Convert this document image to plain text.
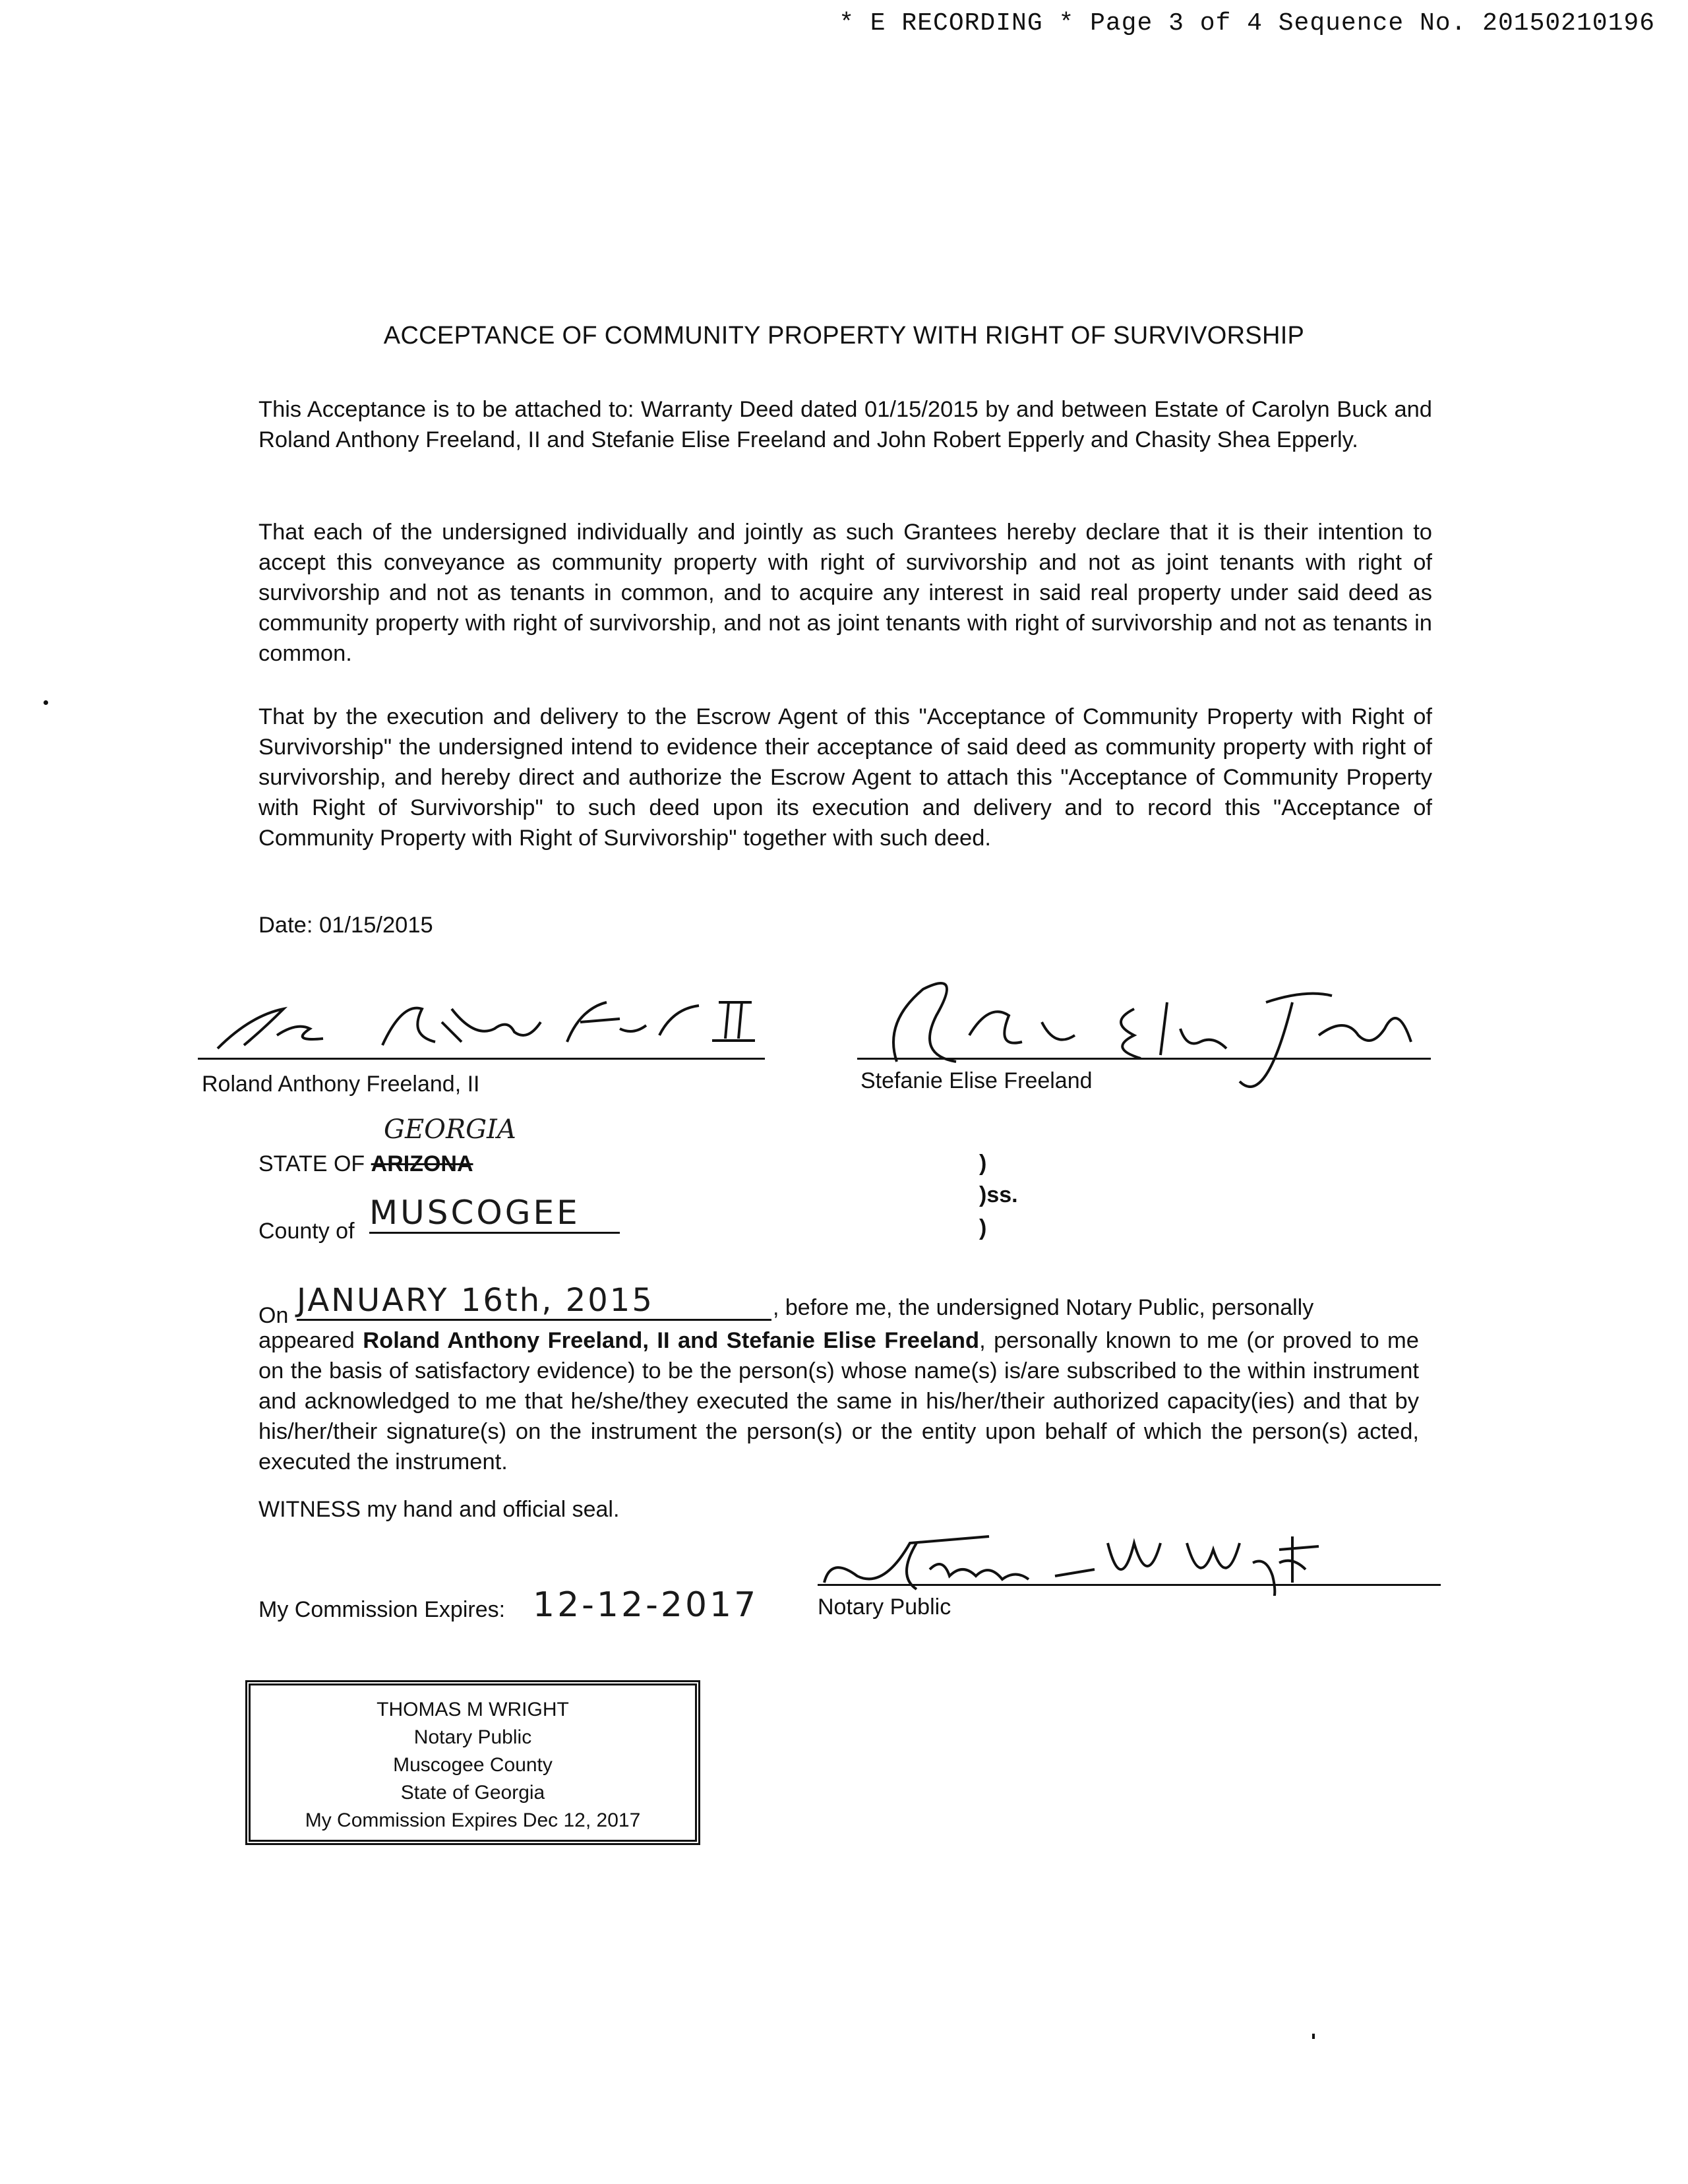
* E RECORDING * Page 3 of 4 Sequence No. 20150210196
ACCEPTANCE OF COMMUNITY PROPERTY WITH RIGHT OF SURVIVORSHIP
This Acceptance is to be attached to: Warranty Deed dated 01/15/2015 by and between Estate of Carolyn Buck and Roland Anthony Freeland, II and Stefanie Elise Freeland and John Robert Epperly and Chasity Shea Epperly.
That each of the undersigned individually and jointly as such Grantees hereby declare that it is their intention to accept this conveyance as community property with right of survivorship and not as joint tenants with right of survivorship and not as tenants in common, and to acquire any interest in said real property under said deed as community property with right of survivorship, and not as joint tenants with right of survivorship and not as tenants in common.
That by the execution and delivery to the Escrow Agent of this "Acceptance of Community Property with Right of Survivorship" the undersigned intend to evidence their acceptance of said deed as community property with right of survivorship, and hereby direct and authorize the Escrow Agent to attach this "Acceptance of Community Property with Right of Survivorship" to such deed upon its execution and delivery and to record this "Acceptance of Community Property with Right of Survivorship" together with such deed.
Date: 01/15/2015
Roland Anthony Freeland, II	Stefanie Elise Freeland
GEORGIA
STATE OF ARIZONA
County of MUSCOGEE
)
)ss.
)
On JANUARY 16th, 2015	, before me, the undersigned Notary Public, personally
appeared Roland Anthony Freeland, II and Stefanie Elise Freeland, personally known to me (or proved to me on the basis of satisfactory evidence) to be the person(s) whose name(s) is/are subscribed to the within instrument and acknowledged to me that he/she/they executed the same in his/her/their authorized capacity(ies) and that by his/her/their signature(s) on the instrument the person(s) or the entity upon behalf of which the person(s) acted, executed the instrument.
WITNESS my hand and official seal.
Notary Public
My Commission Expires: 12-12-2017
THOMAS M WRIGHT
Notary Public
Muscogee County
State of Georgia
My Commission Expires Dec 12, 2017
